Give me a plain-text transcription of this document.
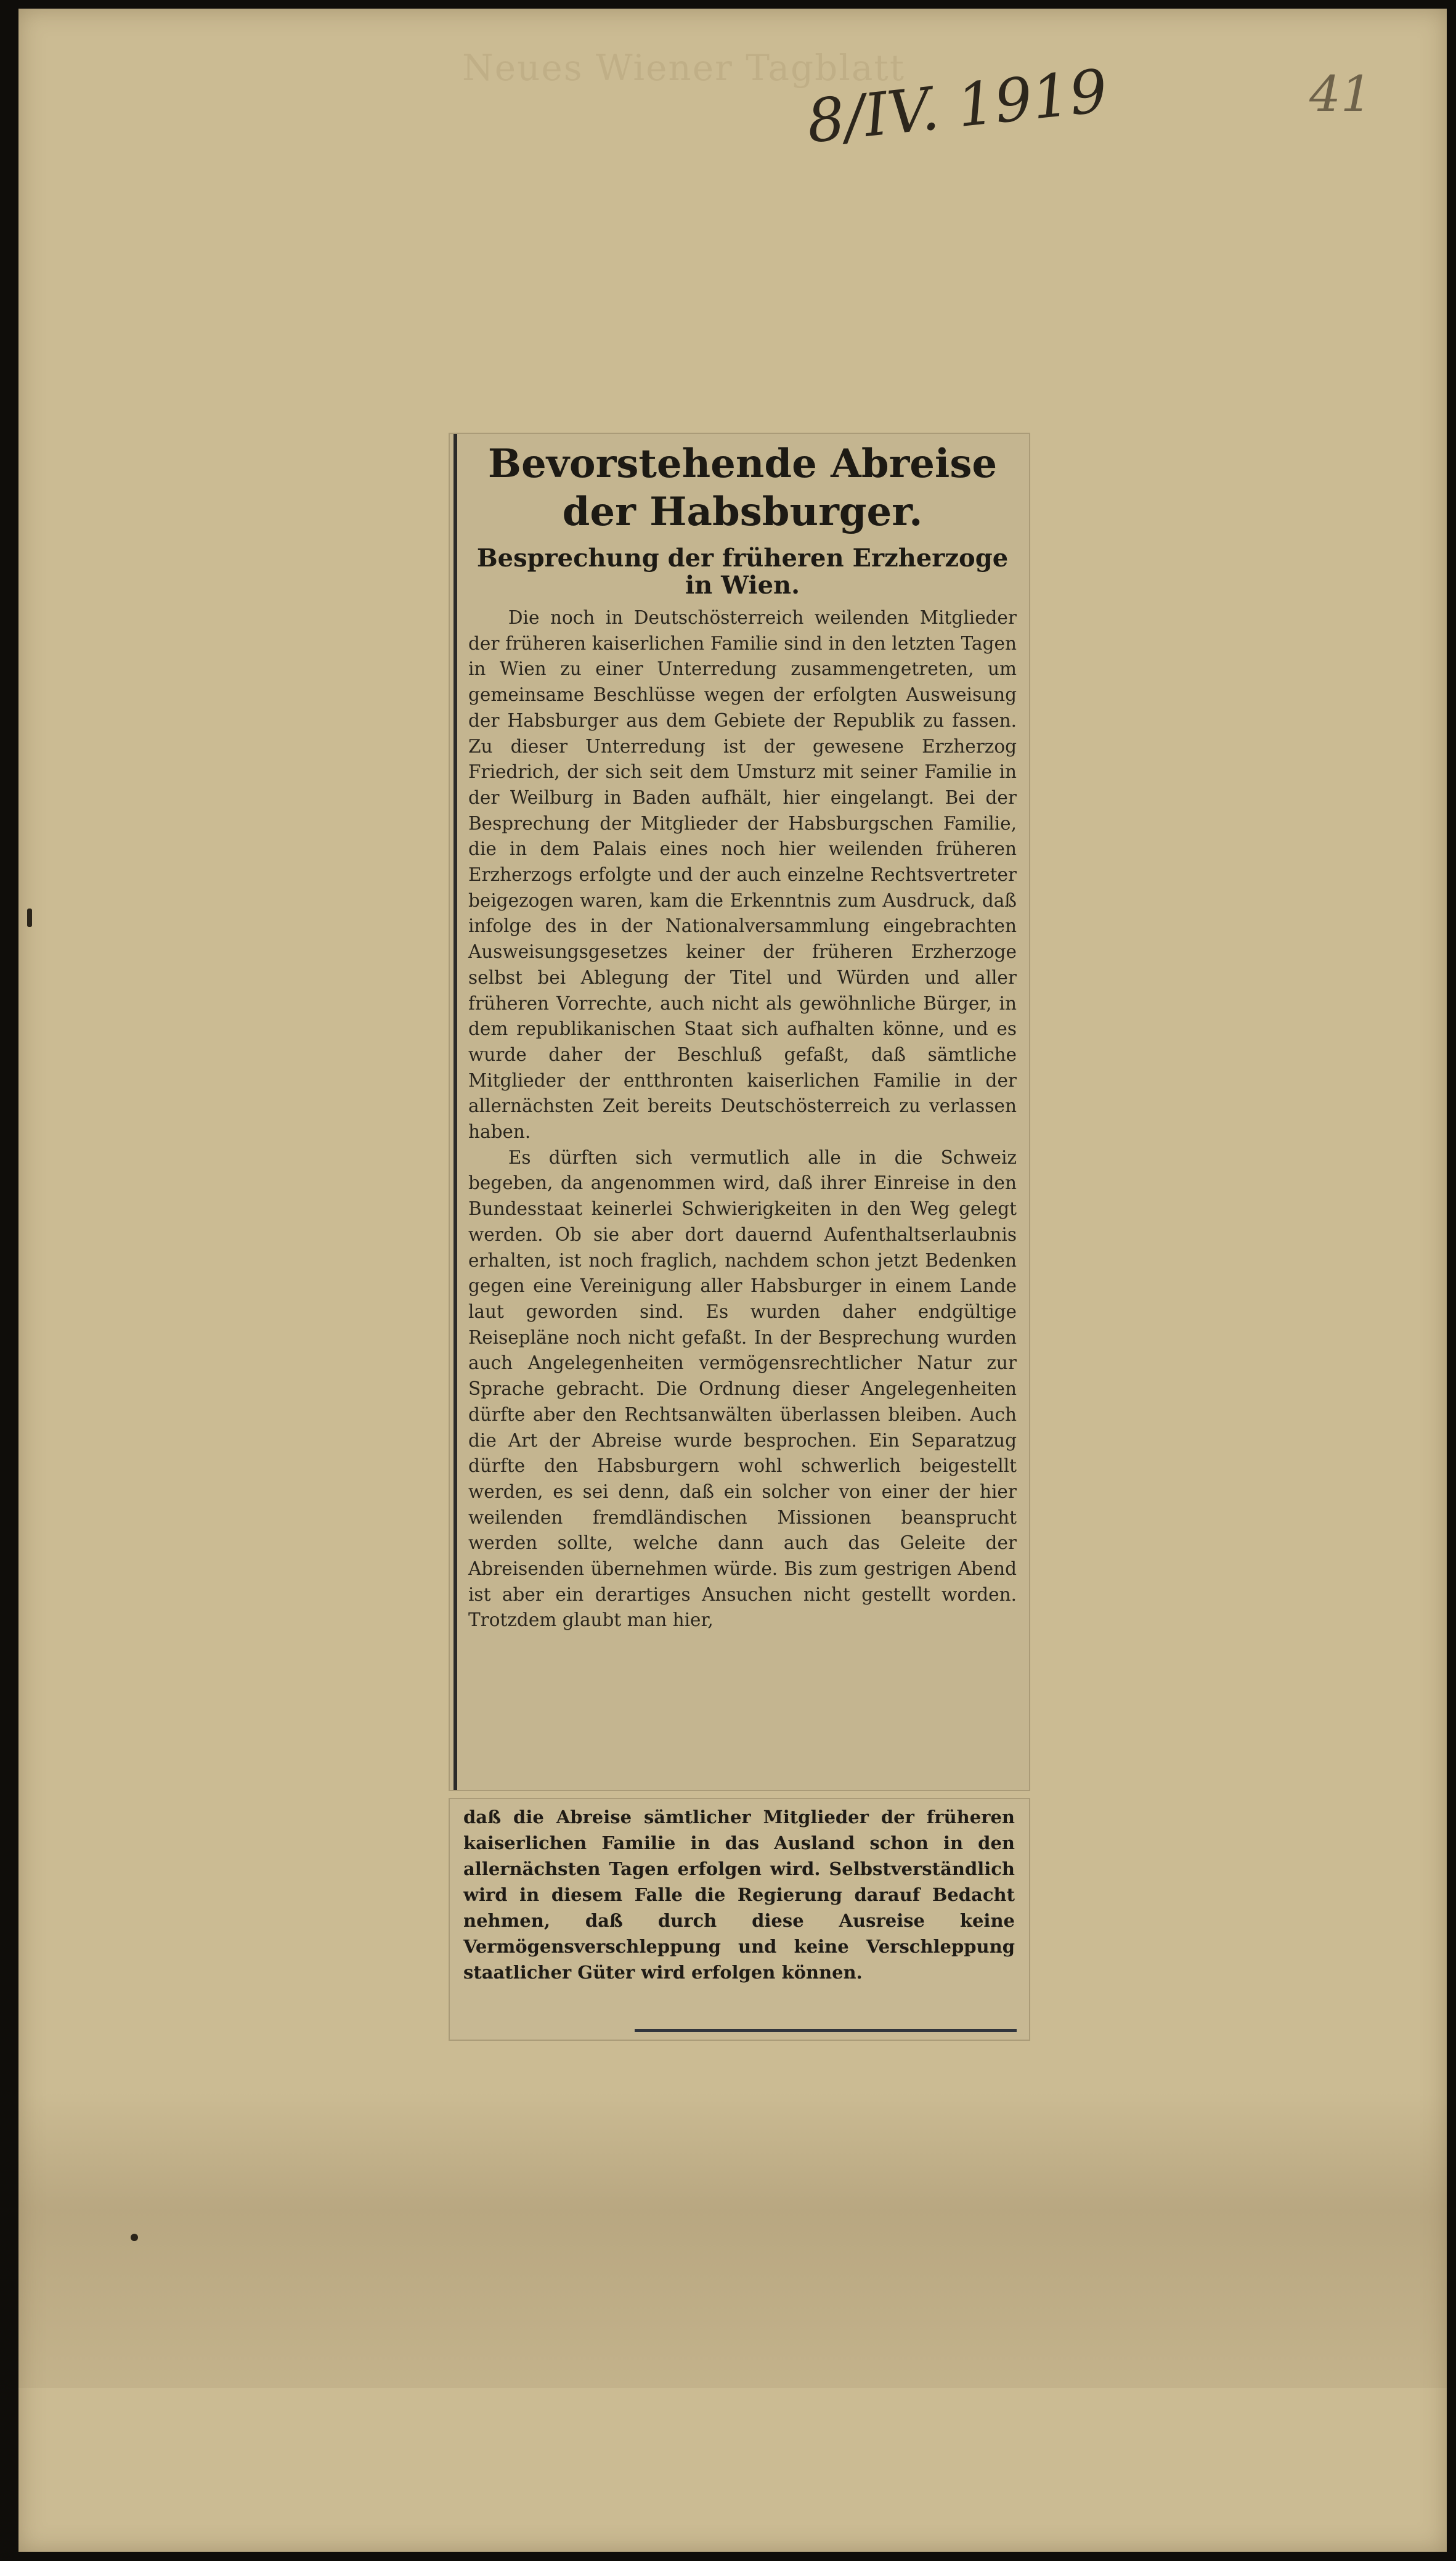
Neues Wiener Tagblatt
8/IV. 1919	41
Bevorstehende Abreise der Habsburger.
Besprechung der früheren Erzherzoge in Wien.

Die noch in Deutschösterreich weilenden Mitglieder der früheren kaiserlichen Familie sind in den letzten Tagen in Wien zu einer Unterredung zusammengetreten, um gemeinsame Beschlüsse wegen der erfolgten Ausweisung der Habsburger aus dem Gebiete der Republik zu fassen. Zu dieser Unterredung ist der gewesene Erzherzog Friedrich, der sich seit dem Umsturz mit seiner Familie in der Weilburg in Baden aufhält, hier eingelangt. Bei der Besprechung der Mitglieder der Habsburgschen Familie, die in dem Palais eines noch hier weilenden früheren Erzherzogs erfolgte und der auch einzelne Rechtsvertreter beigezogen waren, kam die Erkenntnis zum Ausdruck, daß infolge des in der Nationalversammlung eingebrachten Ausweisungsgesetzes keiner der früheren Erzherzoge selbst bei Ablegung der Titel und Würden und aller früheren Vorrechte, auch nicht als gewöhnliche Bürger, in dem republikanischen Staat sich aufhalten könne, und es wurde daher der Beschluß gefaßt, daß sämtliche Mitglieder der entthronten kaiserlichen Familie in der allernächsten Zeit bereits Deutschösterreich zu verlassen haben.

Es dürften sich vermutlich alle in die Schweiz begeben, da angenommen wird, daß ihrer Einreise in den Bundesstaat keinerlei Schwierigkeiten in den Weg gelegt werden. Ob sie aber dort dauernd Aufenthaltserlaubnis erhalten, ist noch fraglich, nachdem schon jetzt Bedenken gegen eine Vereinigung aller Habsburger in einem Lande laut geworden sind. Es wurden daher endgültige Reisepläne noch nicht gefaßt. In der Besprechung wurden auch Angelegenheiten vermögensrechtlicher Natur zur Sprache gebracht. Die Ordnung dieser Angelegenheiten dürfte aber den Rechtsanwälten überlassen bleiben. Auch die Art der Abreise wurde besprochen. Ein Separatzug dürfte den Habsburgern wohl schwerlich beigestellt werden, es sei denn, daß ein solcher von einer der hier weilenden fremdländischen Missionen beansprucht werden sollte, welche dann auch das Geleite der Abreisenden übernehmen würde. Bis zum gestrigen Abend ist aber ein derartiges Ansuchen nicht gestellt worden. Trotzdem glaubt man hier,

daß die Abreise sämtlicher Mitglieder der früheren kaiserlichen Familie in das Ausland schon in den allernächsten Tagen erfolgen wird. Selbstverständlich wird in diesem Falle die Regierung darauf Bedacht nehmen, daß durch diese Ausreise keine Vermögensverschleppung und keine Verschleppung staatlicher Güter wird erfolgen können.
